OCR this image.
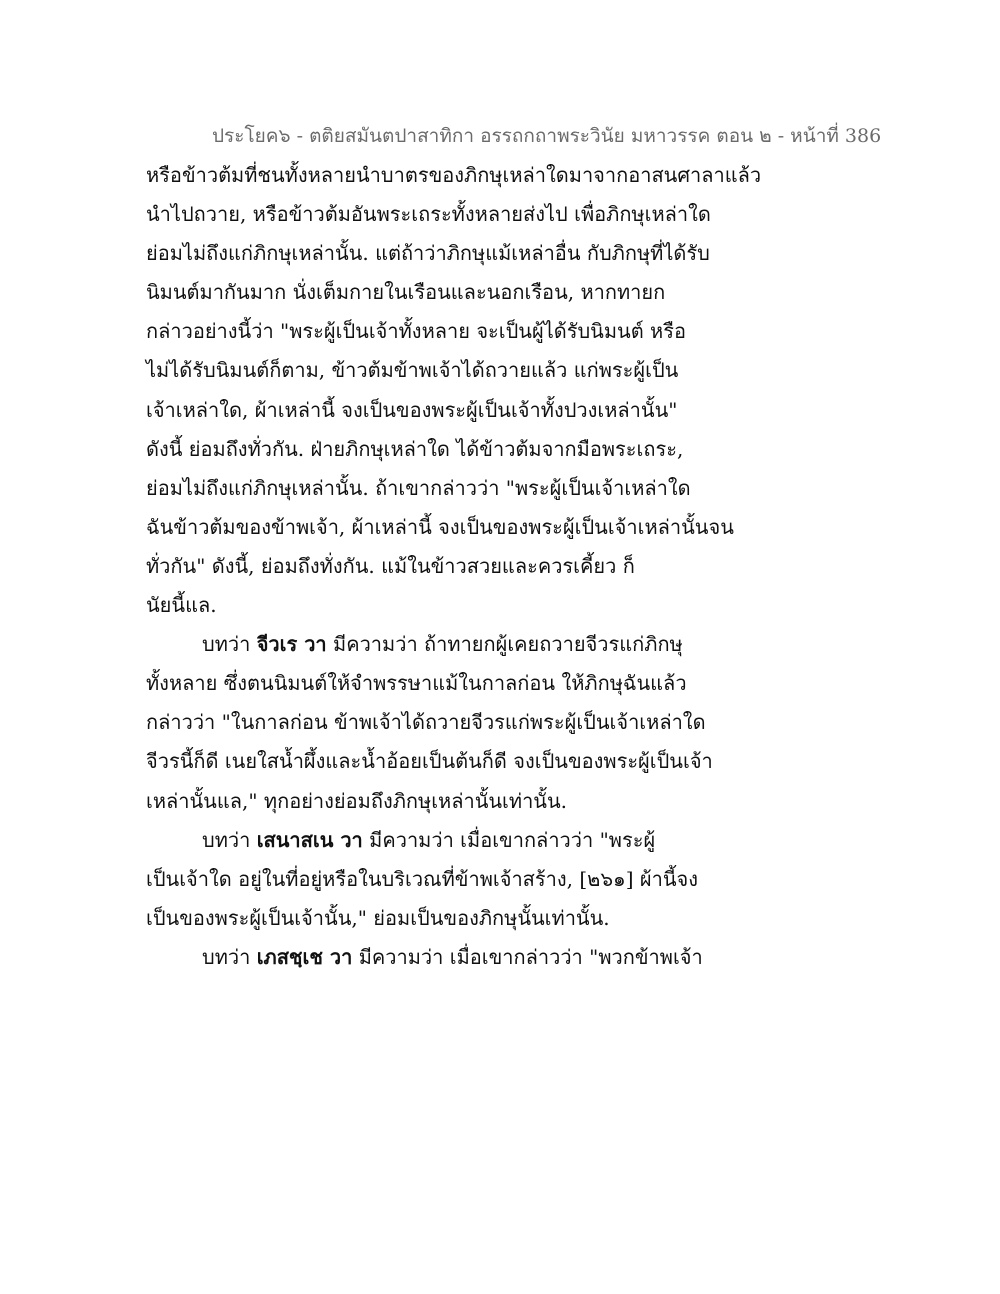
ประโยค๖ - ตติยสมันตปาสาทิกา อรรถกถาพระวินัย มหาวรรค ตอน ๒ - หน้าที่ 386
หรือข้าวต้มที่ชนทั้งหลายนำบาตรของภิกษุเหล่าใดมาจากอาสนศาลาแล้ว
นำไปถวาย, หรือข้าวต้มอันพระเถระทั้งหลายส่งไป เพื่อภิกษุเหล่าใด
ย่อมไม่ถึงแก่ภิกษุเหล่านั้น. แต่ถ้าว่าภิกษุแม้เหล่าอื่น กับภิกษุที่ได้รับ
นิมนต์มากันมาก นั่งเต็มกายในเรือนและนอกเรือน, หากทายก
กล่าวอย่างนี้ว่า "พระผู้เป็นเจ้าทั้งหลาย จะเป็นผู้ได้รับนิมนต์ หรือ
ไม่ได้รับนิมนต์ก็ตาม, ข้าวต้มข้าพเจ้าได้ถวายแล้ว แก่พระผู้เป็น
เจ้าเหล่าใด, ผ้าเหล่านี้ จงเป็นของพระผู้เป็นเจ้าทั้งปวงเหล่านั้น"
ดังนี้ ย่อมถึงทั่วกัน. ฝ่ายภิกษุเหล่าใด ได้ข้าวต้มจากมือพระเถระ,
ย่อมไม่ถึงแก่ภิกษุเหล่านั้น. ถ้าเขากล่าวว่า "พระผู้เป็นเจ้าเหล่าใด
ฉันข้าวต้มของข้าพเจ้า, ผ้าเหล่านี้ จงเป็นของพระผู้เป็นเจ้าเหล่านั้นจน
ทั่วกัน" ดังนี้, ย่อมถึงทั่งกัน. แม้ในข้าวสวยและควรเคี้ยว ก็
นัยนี้แล.
บทว่า จีวเร วา มีความว่า ถ้าทายกผู้เคยถวายจีวรแก่ภิกษุ
ทั้งหลาย ซึ่งตนนิมนต์ให้จำพรรษาแม้ในกาลก่อน ให้ภิกษุฉันแล้ว
กล่าวว่า "ในกาลก่อน ข้าพเจ้าได้ถวายจีวรแก่พระผู้เป็นเจ้าเหล่าใด
จีวรนี้ก็ดี เนยใสน้ำผึ้งและน้ำอ้อยเป็นต้นก็ดี จงเป็นของพระผู้เป็นเจ้า
เหล่านั้นแล," ทุกอย่างย่อมถึงภิกษุเหล่านั้นเท่านั้น.
บทว่า เสนาสเน วา มีความว่า เมื่อเขากล่าวว่า "พระผู้
เป็นเจ้าใด อยู่ในที่อยู่หรือในบริเวณที่ข้าพเจ้าสร้าง, [๒๖๑] ผ้านี้จง
เป็นของพระผู้เป็นเจ้านั้น," ย่อมเป็นของภิกษุนั้นเท่านั้น.
บทว่า เภสชฺเช วา มีความว่า เมื่อเขากล่าวว่า "พวกข้าพเจ้า
